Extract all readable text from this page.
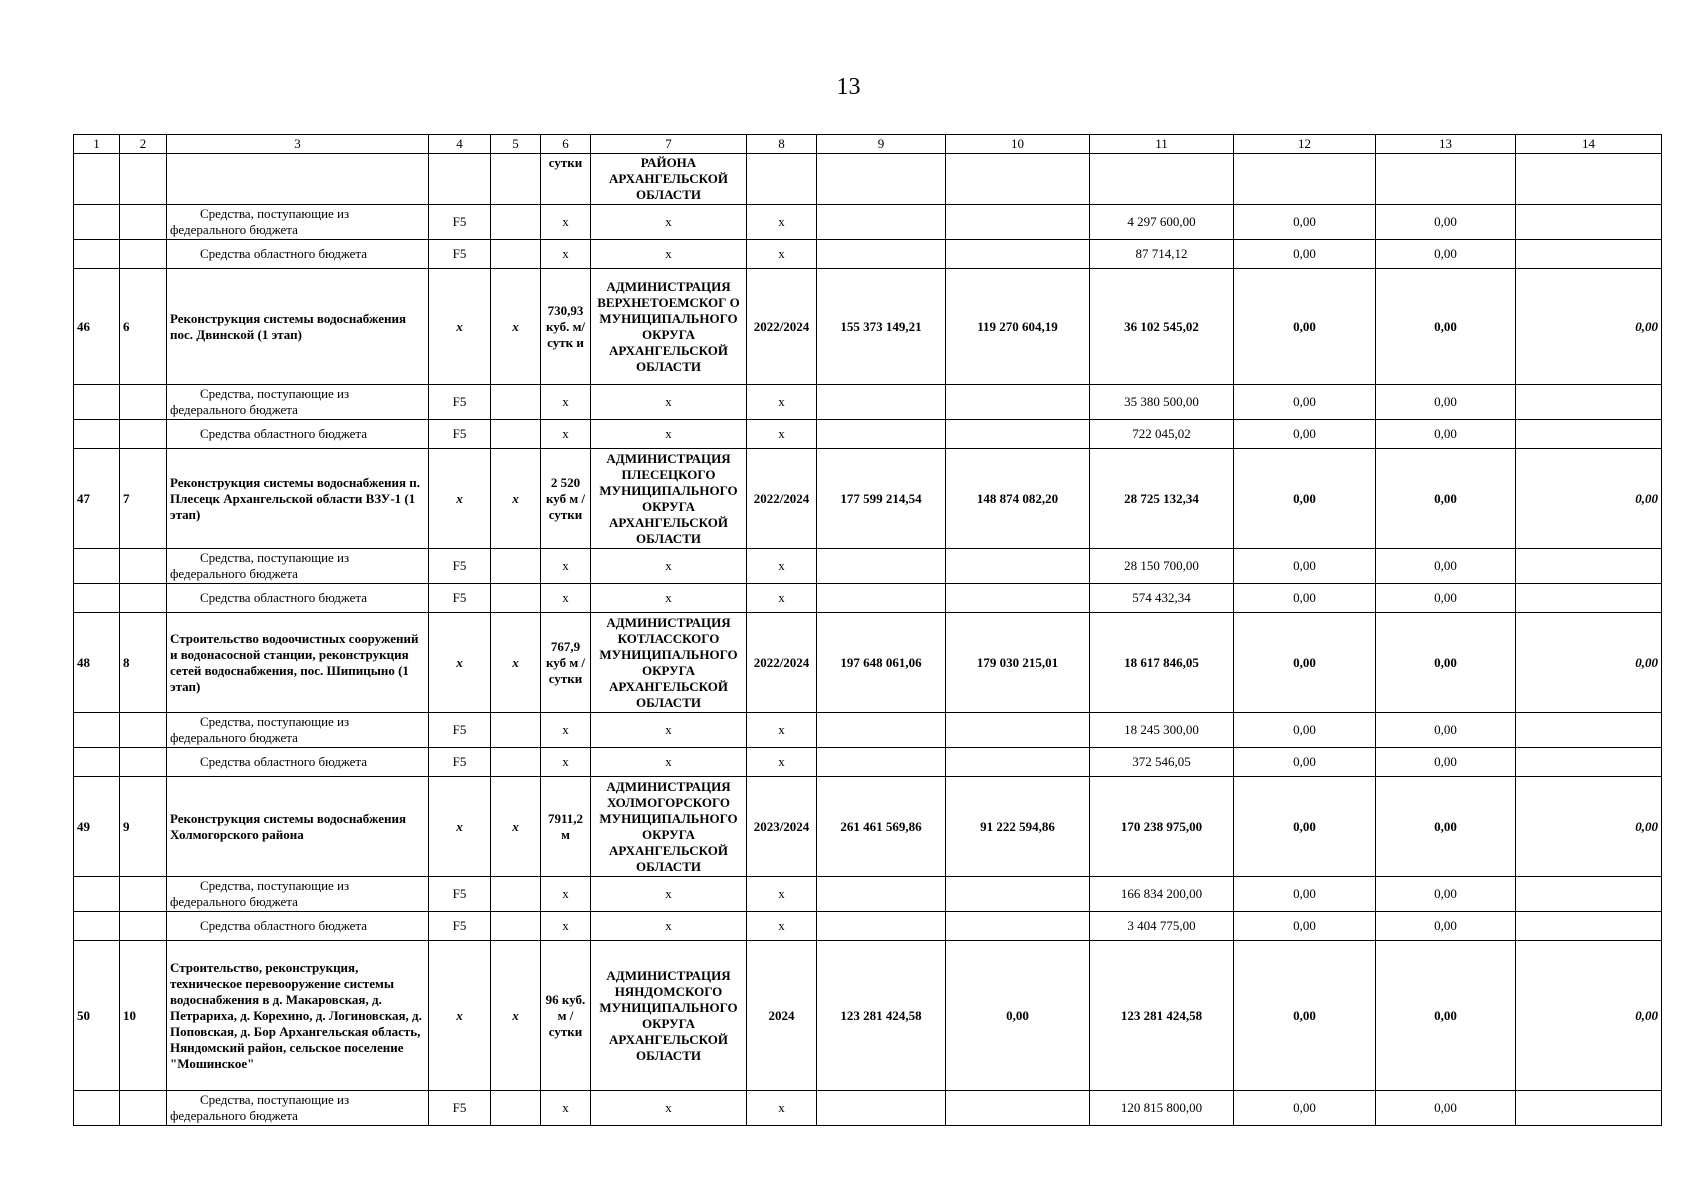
13
1	2	3	4	5	6	7	8	9	10	11	12	13	14
					сутки	РАЙОНА АРХАНГЕЛЬСКОЙ ОБЛАСТИ							
		Средства, поступающие из федерального бюджета	F5		x	x	x			4 297 600,00	0,00	0,00	
		Средства областного бюджета	F5		x	x	x			87 714,12	0,00	0,00	
46	6	Реконструкция системы водоснабжения пос. Двинской (1 этап)	x	x	730,93 куб. м/сутк и	АДМИНИСТРАЦИЯ ВЕРХНЕТОЕМСКОГ О МУНИЦИПАЛЬНОГО ОКРУГА АРХАНГЕЛЬСКОЙ ОБЛАСТИ	2022/2024	155 373 149,21	119 270 604,19	36 102 545,02	0,00	0,00	0,00
		Средства, поступающие из федерального бюджета	F5		x	x	x			35 380 500,00	0,00	0,00	
		Средства областного бюджета	F5		x	x	x			722 045,02	0,00	0,00	
47	7	Реконструкция системы водоснабжения п. Плесецк Архангельской области ВЗУ-1 (1 этап)	x	x	2 520 куб м / сутки	АДМИНИСТРАЦИЯ ПЛЕСЕЦКОГО МУНИЦИПАЛЬНОГО ОКРУГА АРХАНГЕЛЬСКОЙ ОБЛАСТИ	2022/2024	177 599 214,54	148 874 082,20	28 725 132,34	0,00	0,00	0,00
		Средства, поступающие из федерального бюджета	F5		x	x	x			28 150 700,00	0,00	0,00	
		Средства областного бюджета	F5		x	x	x			574 432,34	0,00	0,00	
48	8	Строительство водоочистных сооружений и водонасосной станции, реконструкция сетей водоснабжения, пос. Шипицыно (1 этап)	x	x	767,9 куб м / сутки	АДМИНИСТРАЦИЯ КОТЛАССКОГО МУНИЦИПАЛЬНОГО ОКРУГА АРХАНГЕЛЬСКОЙ ОБЛАСТИ	2022/2024	197 648 061,06	179 030 215,01	18 617 846,05	0,00	0,00	0,00
		Средства, поступающие из федерального бюджета	F5		x	x	x			18 245 300,00	0,00	0,00	
		Средства областного бюджета	F5		x	x	x			372 546,05	0,00	0,00	
49	9	Реконструкция системы водоснабжения Холмогорского района	x	x	7911,2 м	АДМИНИСТРАЦИЯ ХОЛМОГОРСКОГО МУНИЦИПАЛЬНОГО ОКРУГА АРХАНГЕЛЬСКОЙ ОБЛАСТИ	2023/2024	261 461 569,86	91 222 594,86	170 238 975,00	0,00	0,00	0,00
		Средства, поступающие из федерального бюджета	F5		x	x	x			166 834 200,00	0,00	0,00	
		Средства областного бюджета	F5		x	x	x			3 404 775,00	0,00	0,00	
50	10	Строительство, реконструкция, техническое перевооружение системы водоснабжения в д. Макаровская, д. Петрариха, д. Корехино, д. Логиновская, д. Поповская, д. Бор Архангельская область, Няндомский район, сельское поселение "Мошинское"	x	x	96 куб. м / сутки	АДМИНИСТРАЦИЯ НЯНДОМСКОГО МУНИЦИПАЛЬНОГО ОКРУГА АРХАНГЕЛЬСКОЙ ОБЛАСТИ	2024	123 281 424,58	0,00	123 281 424,58	0,00	0,00	0,00
		Средства, поступающие из федерального бюджета	F5		x	x	x			120 815 800,00	0,00	0,00	
